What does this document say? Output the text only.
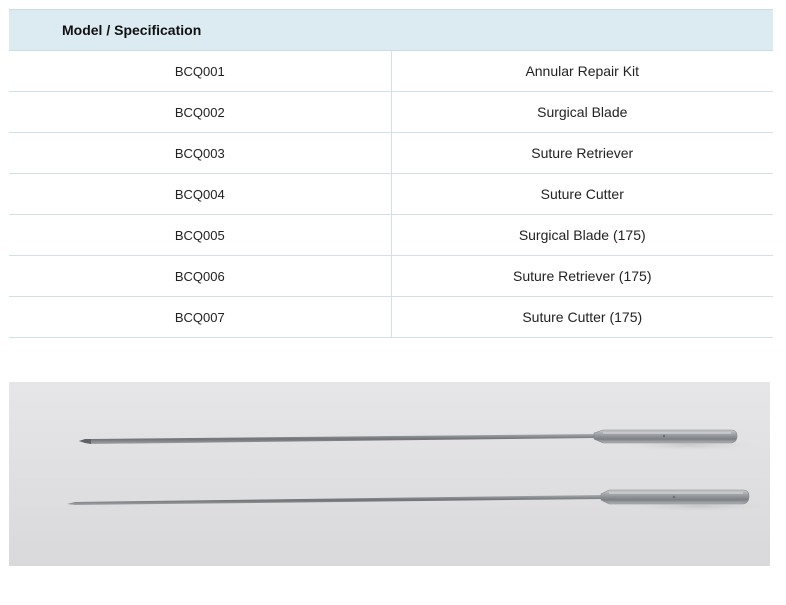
Model / Specification	
BCQ001	Annular Repair Kit
BCQ002	Surgical Blade
BCQ003	Suture Retriever
BCQ004	Suture Cutter
BCQ005	Surgical Blade (175)
BCQ006	Suture Retriever (175)
BCQ007	Suture Cutter (175)
